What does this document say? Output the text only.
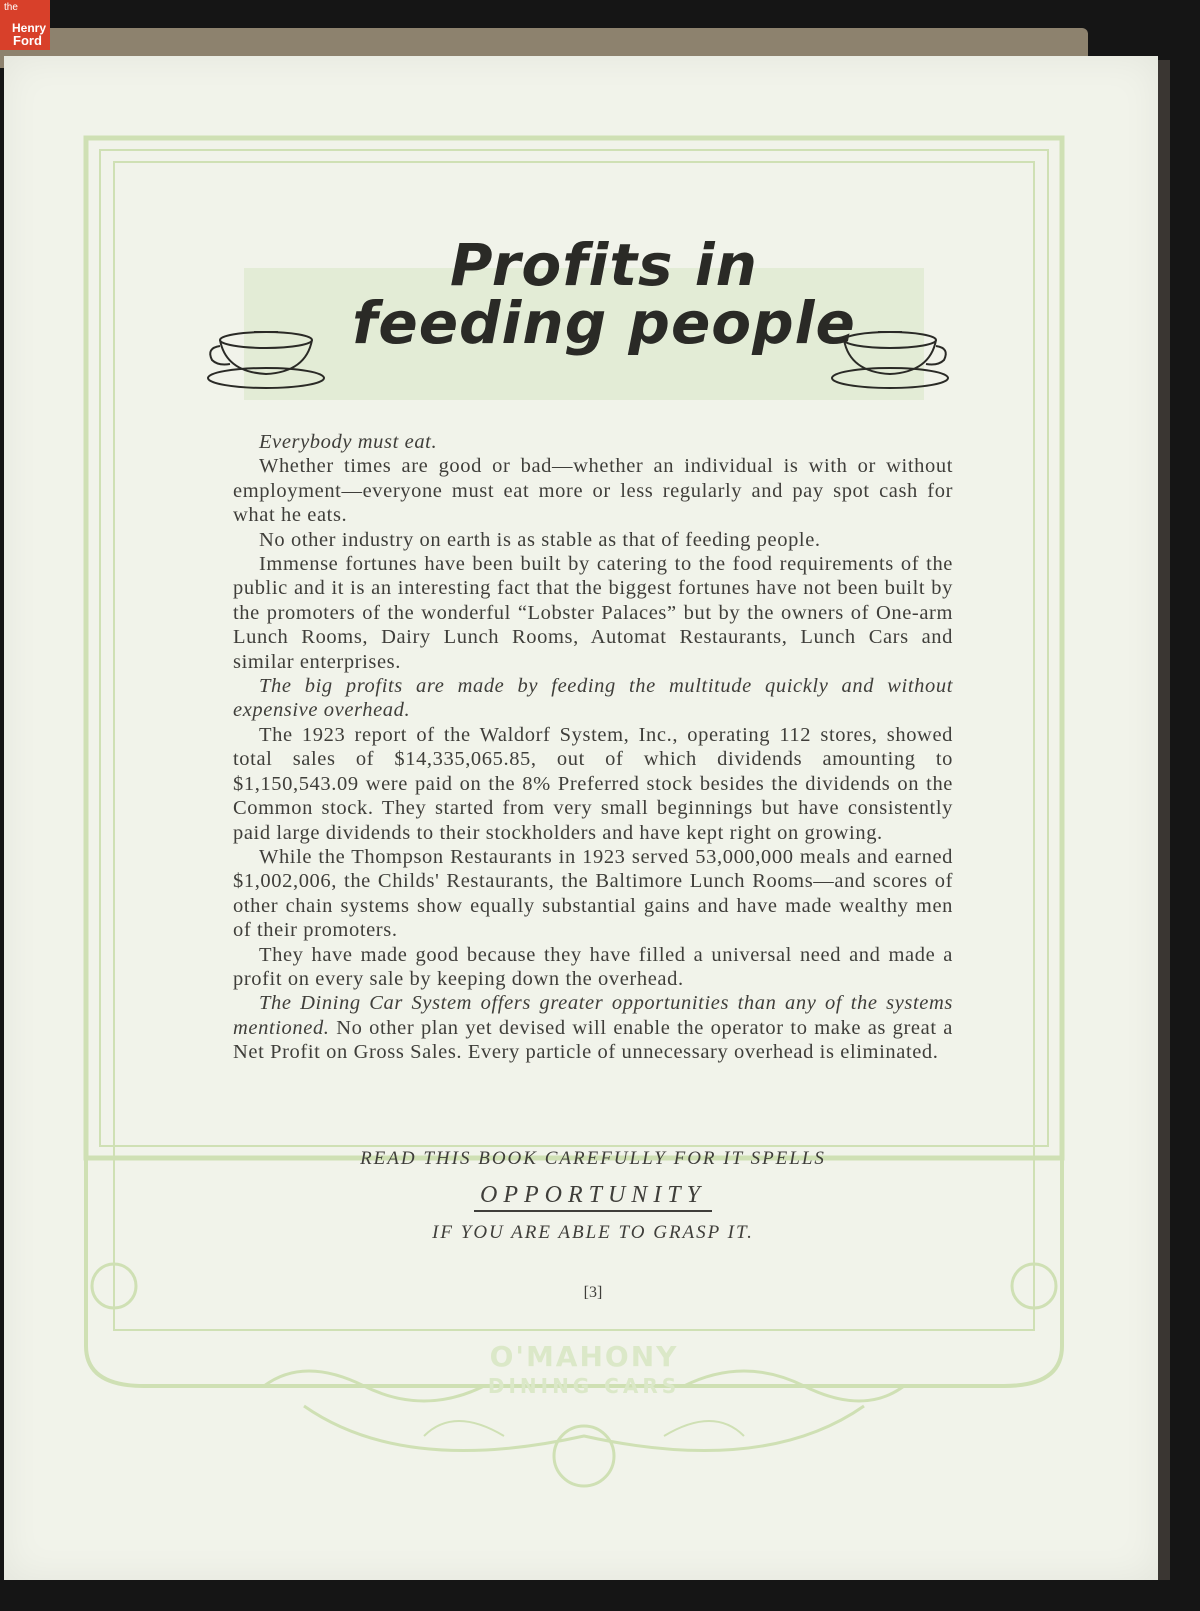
the
Henry
Ford
Profits in
feeding people

Everybody must eat.

Whether times are good or bad—whether an individual is with or without employment—everyone must eat more or less regularly and pay spot cash for what he eats.

No other industry on earth is as stable as that of feeding people.

Immense fortunes have been built by catering to the food requirements of the public and it is an interesting fact that the biggest fortunes have not been built by the promoters of the wonderful “Lobster Palaces” but by the owners of One-arm Lunch Rooms, Dairy Lunch Rooms, Automat Restaurants, Lunch Cars and similar enterprises.

The big profits are made by feeding the multitude quickly and without expensive overhead.

The 1923 report of the Waldorf System, Inc., operating 112 stores, showed total sales of $14,335,065.85, out of which dividends amounting to $1,150,543.09 were paid on the 8% Preferred stock besides the dividends on the Common stock. They started from very small beginnings but have consistently paid large dividends to their stockholders and have kept right on growing.

While the Thompson Restaurants in 1923 served 53,000,000 meals and earned $1,002,006, the Childs' Restaurants, the Baltimore Lunch Rooms—and scores of other chain systems show equally substantial gains and have made wealthy men of their promoters.

They have made good because they have filled a universal need and made a profit on every sale by keeping down the overhead.

The Dining Car System offers greater opportunities than any of the systems mentioned. No other plan yet devised will enable the operator to make as great a Net Profit on Gross Sales. Every particle of unnecessary overhead is eliminated.

READ THIS BOOK CAREFULLY FOR IT SPELLS
OPPORTUNITY
IF YOU ARE ABLE TO GRASP IT.
[3]
O'MAHONY
DINING CARS
